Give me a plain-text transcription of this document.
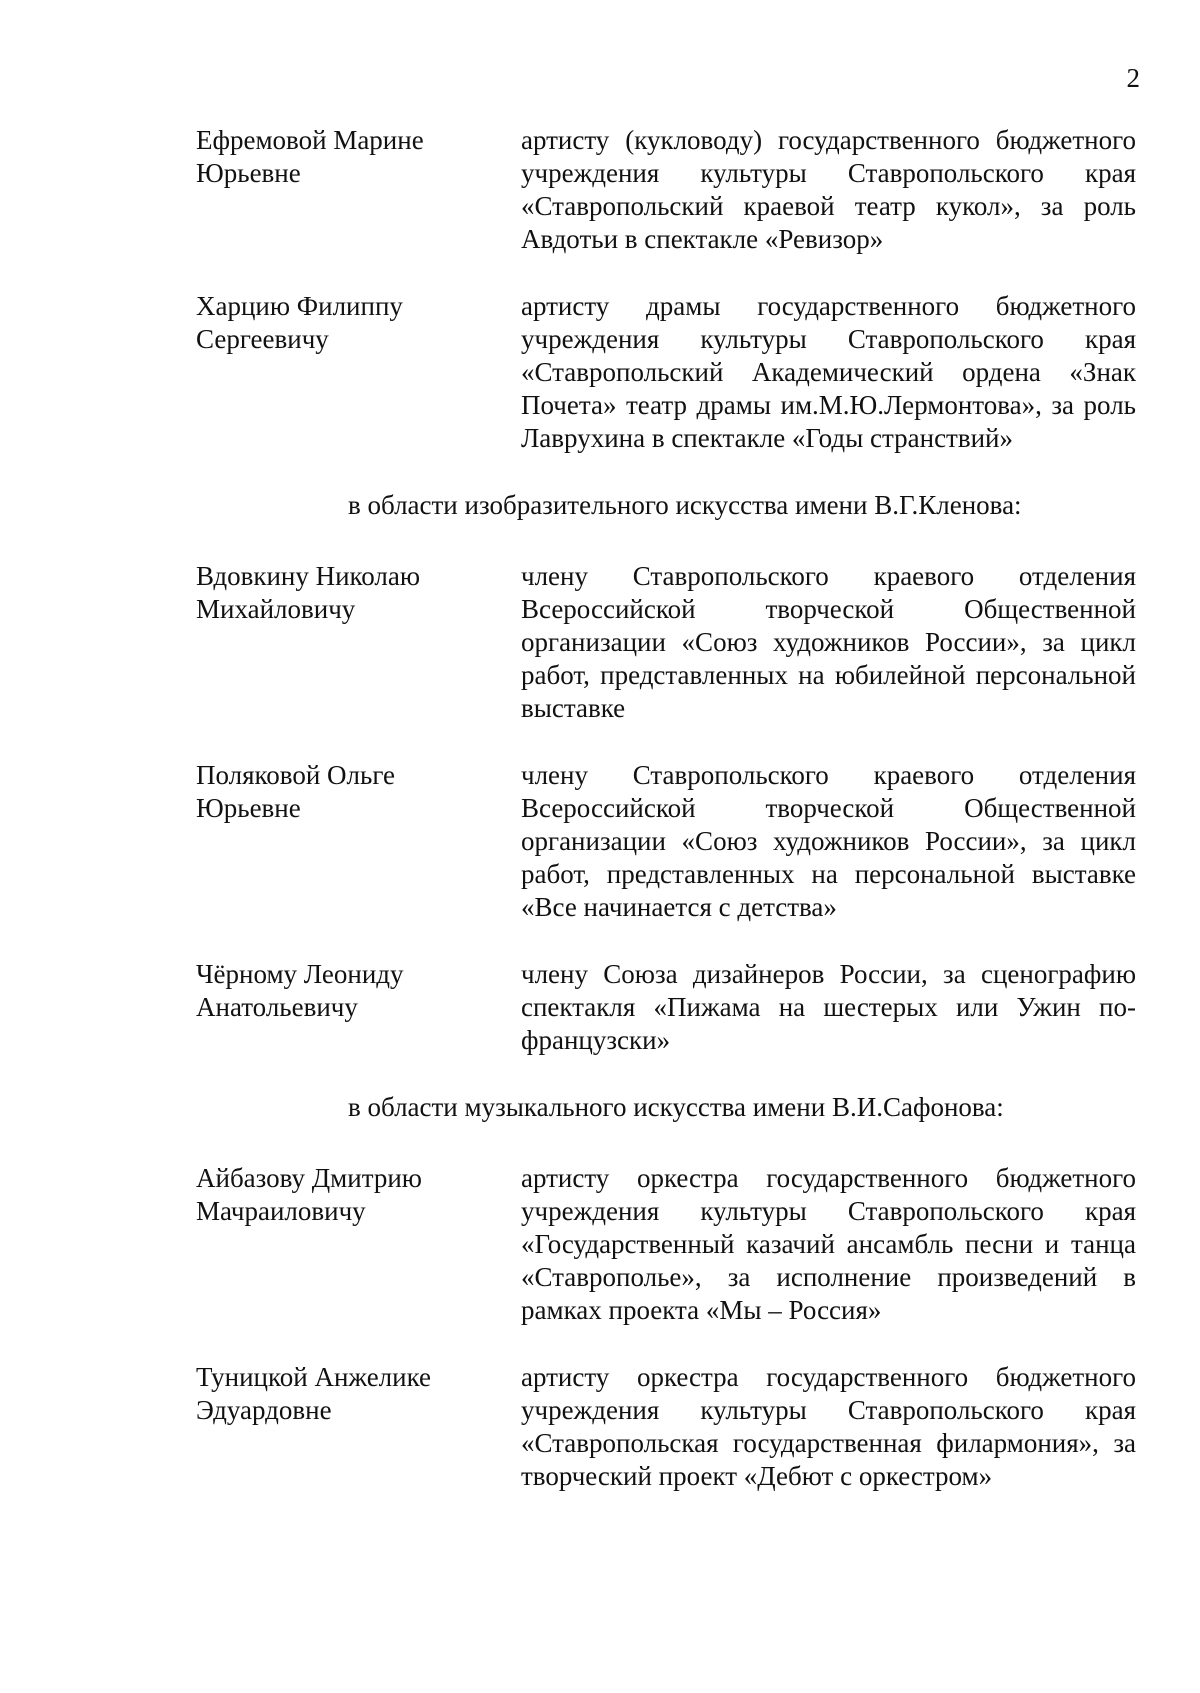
2
Ефремовой Марине
Юрьевне
артисту (кукловоду) государственного бюджетного учреждения культуры Ставропольского края «Ставропольский краевой театр кукол», за роль Авдотьи в спектакле «Ревизор»
Харцию Филиппу
Сергеевичу
артисту драмы государственного бюджетного учреждения культуры Ставропольского края «Ставропольский Академический ордена «Знак Почета» театр драмы им.М.Ю.Лермонтова», за роль Лаврухина в спектакле «Годы странствий»
в области изобразительного искусства имени В.Г.Кленова:
Вдовкину Николаю
Михайловичу
члену Ставропольского краевого отделения Всероссийской творческой Общественной организации «Союз художников России», за цикл работ, представленных на юбилейной персональной выставке
Поляковой Ольге
Юрьевне
члену Ставропольского краевого отделения Всероссийской творческой Общественной организации «Союз художников России», за цикл работ, представленных на персональной выставке «Все начинается с детства»
Чёрному Леониду
Анатольевичу
члену Союза дизайнеров России, за сценографию спектакля «Пижама на шестерых или Ужин по-французски»
в области музыкального искусства имени В.И.Сафонова:
Айбазову Дмитрию
Мачраиловичу
артисту оркестра государственного бюджетного учреждения культуры Ставропольского края «Государственный казачий ансамбль песни и танца «Ставрополье», за исполнение произведений в рамках проекта «Мы – Россия»
Туницкой Анжелике
Эдуардовне
артисту оркестра государственного бюджетного учреждения культуры Ставропольского края «Ставропольская государственная филармония», за творческий проект «Дебют с оркестром»
